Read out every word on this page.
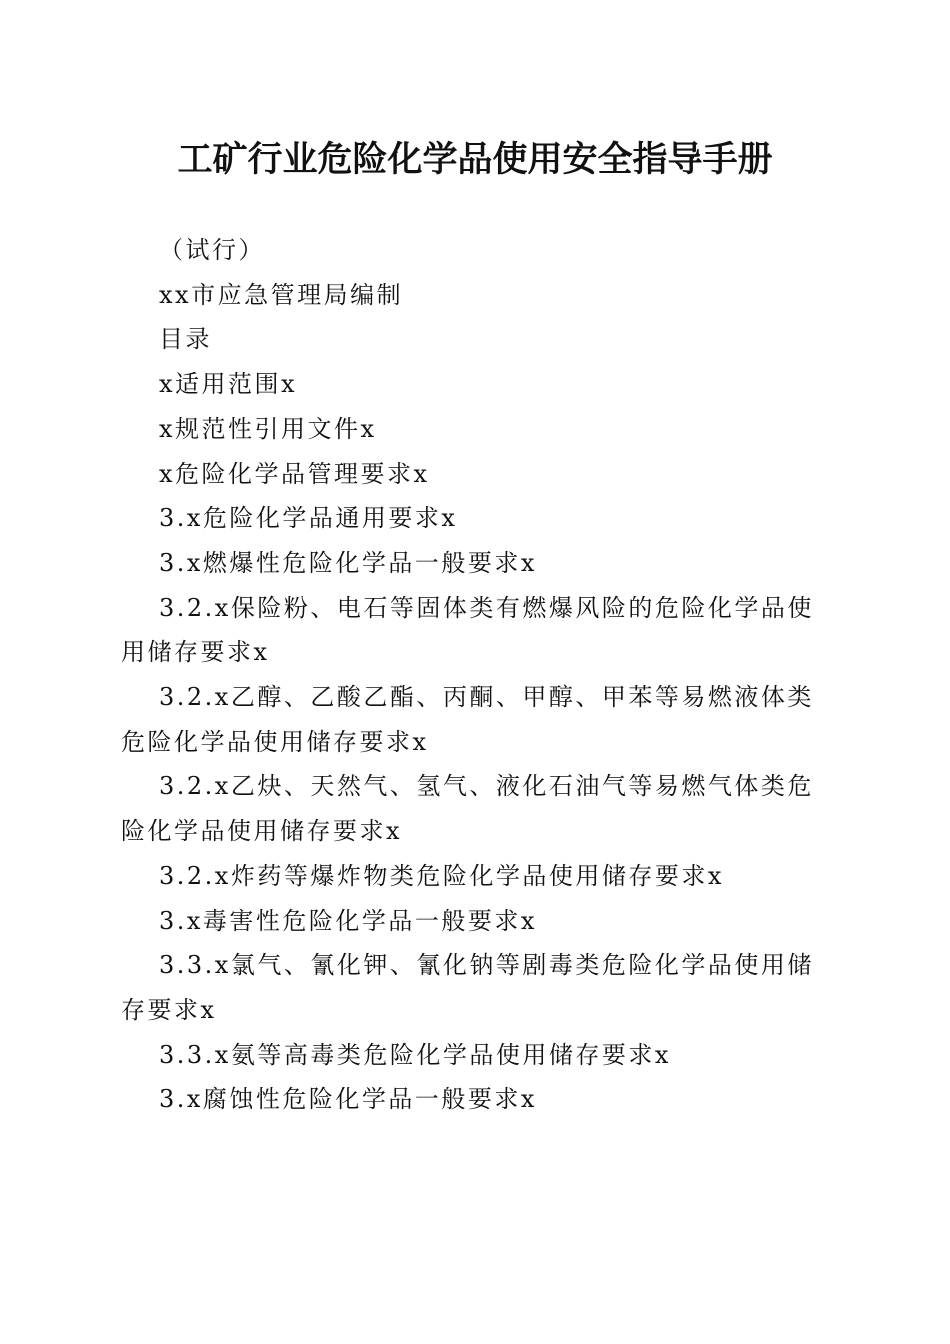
工矿行业危险化学品使用安全指导手册

（试行）

xx市应急管理局编制

目录

x适用范围x

x规范性引用文件x

x危险化学品管理要求x

3.x危险化学品通用要求x

3.x燃爆性危险化学品一般要求x

3.2.x保险粉、电石等固体类有燃爆风险的危险化学品使用储存要求x

3.2.x乙醇、乙酸乙酯、丙酮、甲醇、甲苯等易燃液体类危险化学品使用储存要求x

3.2.x乙炔、天然气、氢气、液化石油气等易燃气体类危险化学品使用储存要求x

3.2.x炸药等爆炸物类危险化学品使用储存要求x

3.x毒害性危险化学品一般要求x

3.3.x氯气、氰化钾、氰化钠等剧毒类危险化学品使用储存要求x

3.3.x氨等高毒类危险化学品使用储存要求x

3.x腐蚀性危险化学品一般要求x
